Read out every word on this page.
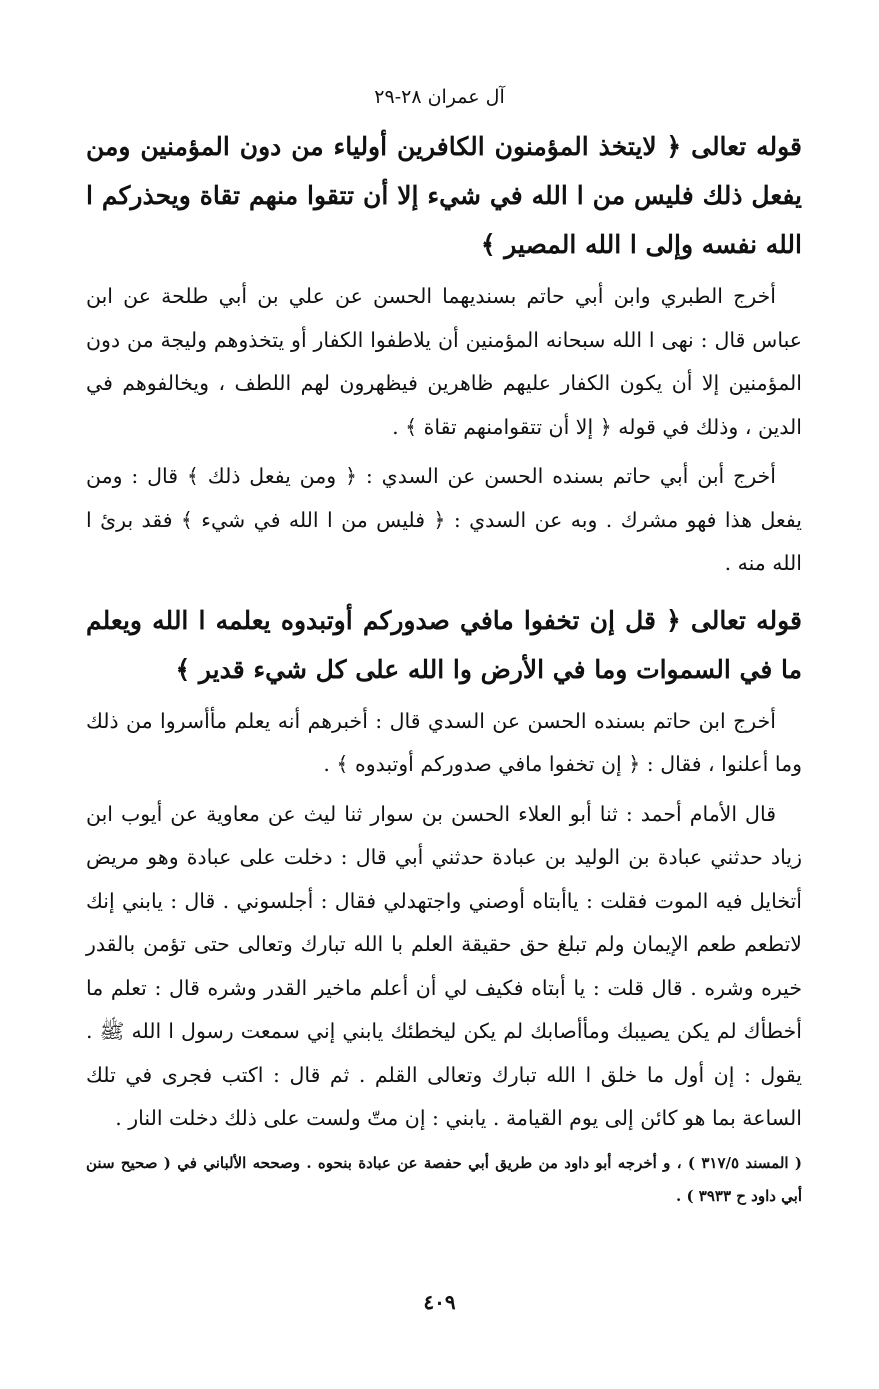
آل عمران ٢٨-٢٩

قوله تعالى ﴿ لايتخذ المؤمنون الكافرين أولياء من دون المؤمنين ومن يفعل ذلك فليس من ا الله في شيء إلا أن تتقوا منهم تقاة ويحذركم ا الله نفسه وإلى ا الله المصير ﴾

أخرج الطبري وابن أبي حاتم بسنديهما الحسن عن علي بن أبي طلحة عن ابن عباس قال : نهى ا الله سبحانه المؤمنين أن يلاطفوا الكفار أو يتخذوهم وليجة من دون المؤمنين إلا أن يكون الكفار عليهم ظاهرين فيظهرون لهم اللطف ، ويخالفوهم في الدين ، وذلك في قوله ﴿ إلا أن تتقوامنهم تقاة ﴾ .

أخرج أبن أبي حاتم بسنده الحسن عن السدي : ﴿ ومن يفعل ذلك ﴾ قال : ومن يفعل هذا فهو مشرك . وبه عن السدي : ﴿ فليس من ا الله في شيء ﴾ فقد برئ ا الله منه .

قوله تعالى ﴿ قل إن تخفوا مافي صدوركم أوتبدوه يعلمه ا الله ويعلم ما في السموات وما في الأرض وا الله على كل شيء قدير ﴾

أخرج ابن حاتم بسنده الحسن عن السدي قال : أخبرهم أنه يعلم مأأسروا من ذلك وما أعلنوا ، فقال : ﴿ إن تخفوا مافي صدوركم أوتبدوه ﴾ .

قال الأمام أحمد : ثنا أبو العلاء الحسن بن سوار ثنا ليث عن معاوية عن أيوب ابن زياد حدثني عبادة بن الوليد بن عبادة حدثني أبي قال : دخلت على عبادة وهو مريض أتخايل فيه الموت فقلت : ياأبتاه أوصني واجتهدلي فقال : أجلسوني . قال : يابني إنك لاتطعم طعم الإيمان ولم تبلغ حق حقيقة العلم با الله تبارك وتعالى حتى تؤمن بالقدر خيره وشره . قال قلت : يا أبتاه فكيف لي أن أعلم ماخير القدر وشره قال : تعلم ما أخطأك لم يكن يصيبك ومأأصابك لم يكن ليخطئك يابني إني سمعت رسول ا الله ﷺ . يقول : إن أول ما خلق ا الله تبارك وتعالى القلم . ثم قال : اكتب فجرى في تلك الساعة بما هو كائن إلى يوم القيامة . يابني : إن متّ ولست على ذلك دخلت النار .

( المسند ٣١٧/٥ ) ، و أخرجه أبو داود من طريق أبي حفصة عن عبادة بنحوه . وصححه الألباني في ( صحيح سنن أبي داود ح ٣٩٣٣ ) .

٤٠٩
